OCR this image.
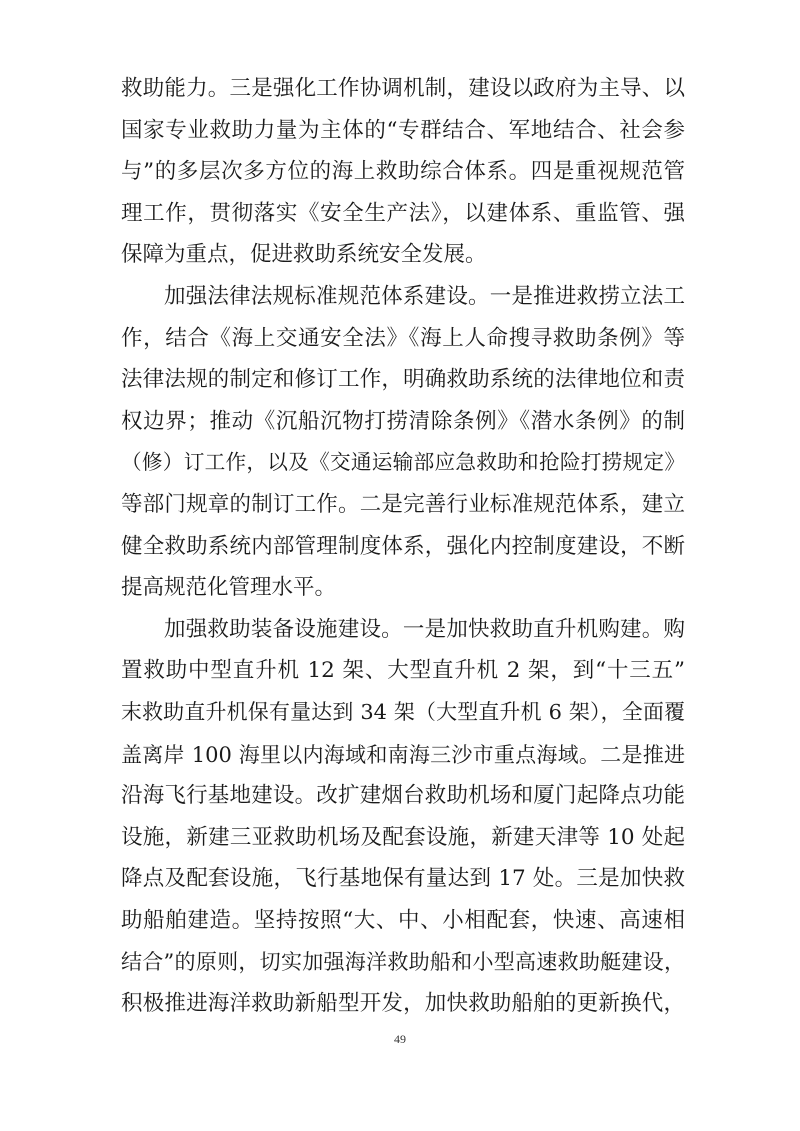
救助能力。三是强化工作协调机制，建设以政府为主导、以
国家专业救助力量为主体的“专群结合、军地结合、社会参
与”的多层次多方位的海上救助综合体系。四是重视规范管
理工作，贯彻落实《安全生产法》，以建体系、重监管、强
保障为重点，促进救助系统安全发展。
加强法律法规标准规范体系建设。一是推进救捞立法工
作，结合《海上交通安全法》《海上人命搜寻救助条例》等
法律法规的制定和修订工作，明确救助系统的法律地位和责
权边界；推动《沉船沉物打捞清除条例》《潜水条例》的制
（修）订工作，以及《交通运输部应急救助和抢险打捞规定》
等部门规章的制订工作。二是完善行业标准规范体系，建立
健全救助系统内部管理制度体系，强化内控制度建设，不断
提高规范化管理水平。
加强救助装备设施建设。一是加快救助直升机购建。购
置救助中型直升机 12 架、大型直升机 2 架，到“十三五”
末救助直升机保有量达到 34 架（大型直升机 6 架），全面覆
盖离岸 100 海里以内海域和南海三沙市重点海域。二是推进
沿海飞行基地建设。改扩建烟台救助机场和厦门起降点功能
设施，新建三亚救助机场及配套设施，新建天津等 10 处起
降点及配套设施，飞行基地保有量达到 17 处。三是加快救
助船舶建造。坚持按照“大、中、小相配套，快速、高速相
结合”的原则，切实加强海洋救助船和小型高速救助艇建设，
积极推进海洋救助新船型开发，加快救助船舶的更新换代，
49
